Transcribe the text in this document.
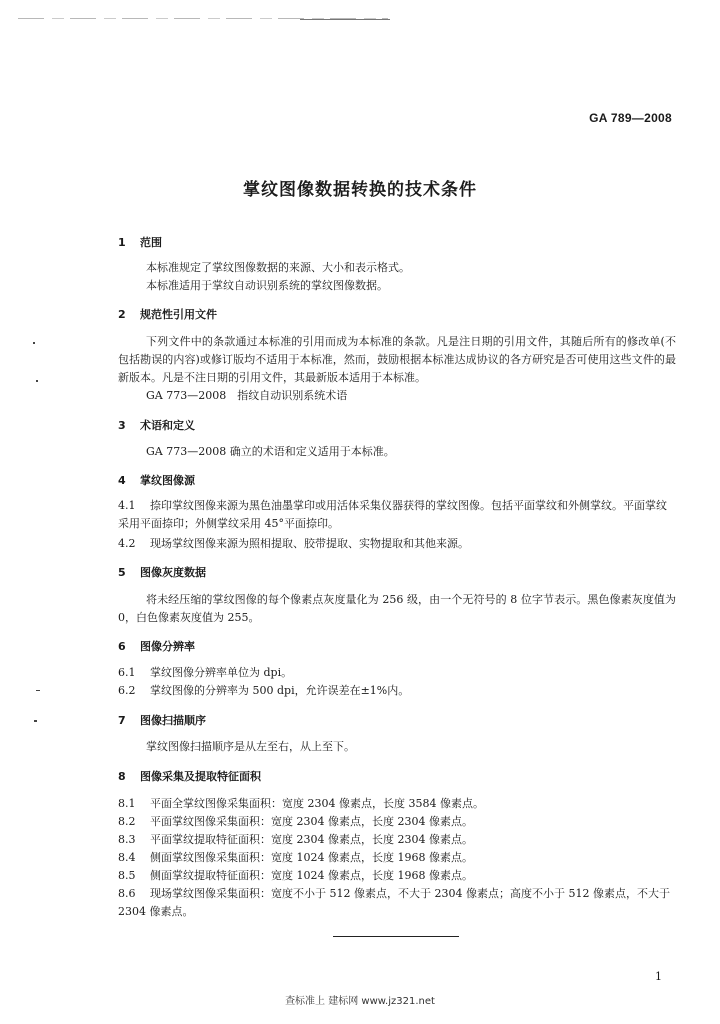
GA 789—2008
掌纹图像数据转换的技术条件
1 范围
本标准规定了掌纹图像数据的来源、大小和表示格式。
本标准适用于掌纹自动识别系统的掌纹图像数据。
2 规范性引用文件
下列文件中的条款通过本标准的引用而成为本标准的条款。凡是注日期的引用文件，其随后所有的修改单(不包括勘误的内容)或修订版均不适用于本标准，然而，鼓励根据本标准达成协议的各方研究是否可使用这些文件的最新版本。凡是不注日期的引用文件，其最新版本适用于本标准。
GA 773—2008　指纹自动识别系统术语
3 术语和定义
GA 773—2008 确立的术语和定义适用于本标准。
4 掌纹图像源
4.1 捺印掌纹图像来源为黑色油墨掌印或用活体采集仪器获得的掌纹图像。包括平面掌纹和外侧掌纹。平面掌纹采用平面捺印；外侧掌纹采用 45°平面捺印。
4.2 现场掌纹图像来源为照相提取、胶带提取、实物提取和其他来源。
5 图像灰度数据
将未经压缩的掌纹图像的每个像素点灰度量化为 256 级，由一个无符号的 8 位字节表示。黑色像素灰度值为 0，白色像素灰度值为 255。
6 图像分辨率
6.1 掌纹图像分辨率单位为 dpi。
6.2 掌纹图像的分辨率为 500 dpi，允许误差在±1%内。
7 图像扫描顺序
掌纹图像扫描顺序是从左至右，从上至下。
8 图像采集及提取特征面积
8.1 平面全掌纹图像采集面积：宽度 2304 像素点，长度 3584 像素点。
8.2 平面掌纹图像采集面积：宽度 2304 像素点，长度 2304 像素点。
8.3 平面掌纹提取特征面积：宽度 2304 像素点，长度 2304 像素点。
8.4 侧面掌纹图像采集面积：宽度 1024 像素点，长度 1968 像素点。
8.5 侧面掌纹提取特征面积：宽度 1024 像素点，长度 1968 像素点。
8.6 现场掌纹图像采集面积：宽度不小于 512 像素点，不大于 2304 像素点；高度不小于 512 像素点，不大于 2304 像素点。
1
查标准上 建标网 www.jz321.net
